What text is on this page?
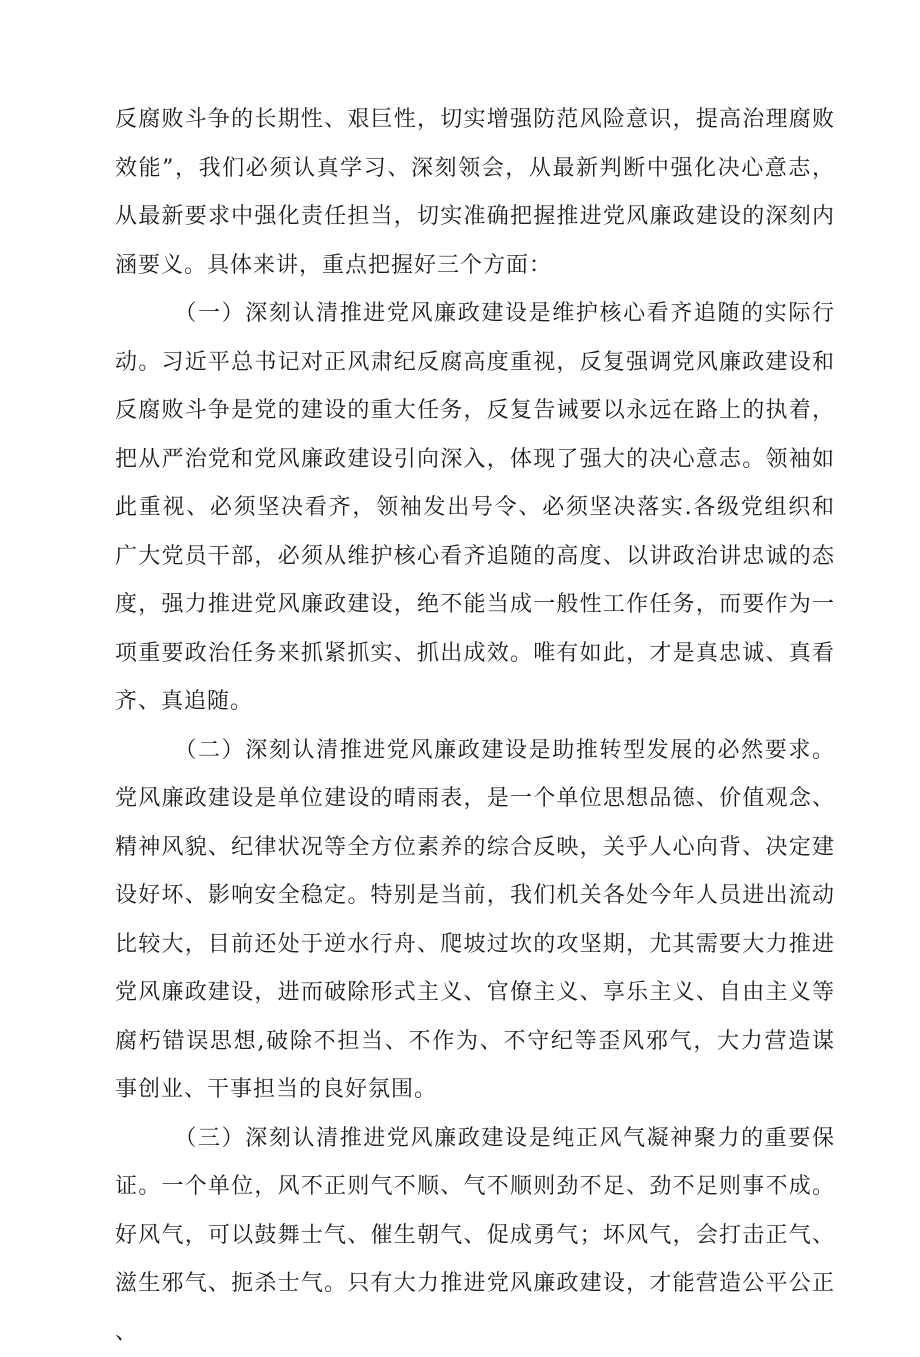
反腐败斗争的长期性、艰巨性，切实增强防范风险意识，提高治理腐败效能”，我们必须认真学习、深刻领会，从最新判断中强化决心意志，从最新要求中强化责任担当，切实准确把握推进党风廉政建设的深刻内涵要义。具体来讲，重点把握好三个方面：

（一）深刻认清推进党风廉政建设是维护核心看齐追随的实际行动。习近平总书记对正风肃纪反腐高度重视，反复强调党风廉政建设和反腐败斗争是党的建设的重大任务，反复告诫要以永远在路上的执着，把从严治党和党风廉政建设引向深入，体现了强大的决心意志。领袖如此重视、必须坚决看齐，领袖发出号令、必须坚决落实.各级党组织和广大党员干部，必须从维护核心看齐追随的高度、以讲政治讲忠诚的态度，强力推进党风廉政建设，绝不能当成一般性工作任务，而要作为一项重要政治任务来抓紧抓实、抓出成效。唯有如此，才是真忠诚、真看齐、真追随。

（二）深刻认清推进党风廉政建设是助推转型发展的必然要求。党风廉政建设是单位建设的晴雨表，是一个单位思想品德、价值观念、精神风貌、纪律状况等全方位素养的综合反映，关乎人心向背、决定建设好坏、影响安全稳定。特别是当前，我们机关各处今年人员进出流动比较大，目前还处于逆水行舟、爬坡过坎的攻坚期，尤其需要大力推进党风廉政建设，进而破除形式主义、官僚主义、享乐主义、自由主义等腐朽错误思想,破除不担当、不作为、不守纪等歪风邪气，大力营造谋事创业、干事担当的良好氛围。

（三）深刻认清推进党风廉政建设是纯正风气凝神聚力的重要保证。一个单位，风不正则气不顺、气不顺则劲不足、劲不足则事不成。好风气，可以鼓舞士气、催生朝气、促成勇气；坏风气，会打击正气、滋生邪气、扼杀士气。只有大力推进党风廉政建设，才能营造公平公正、
